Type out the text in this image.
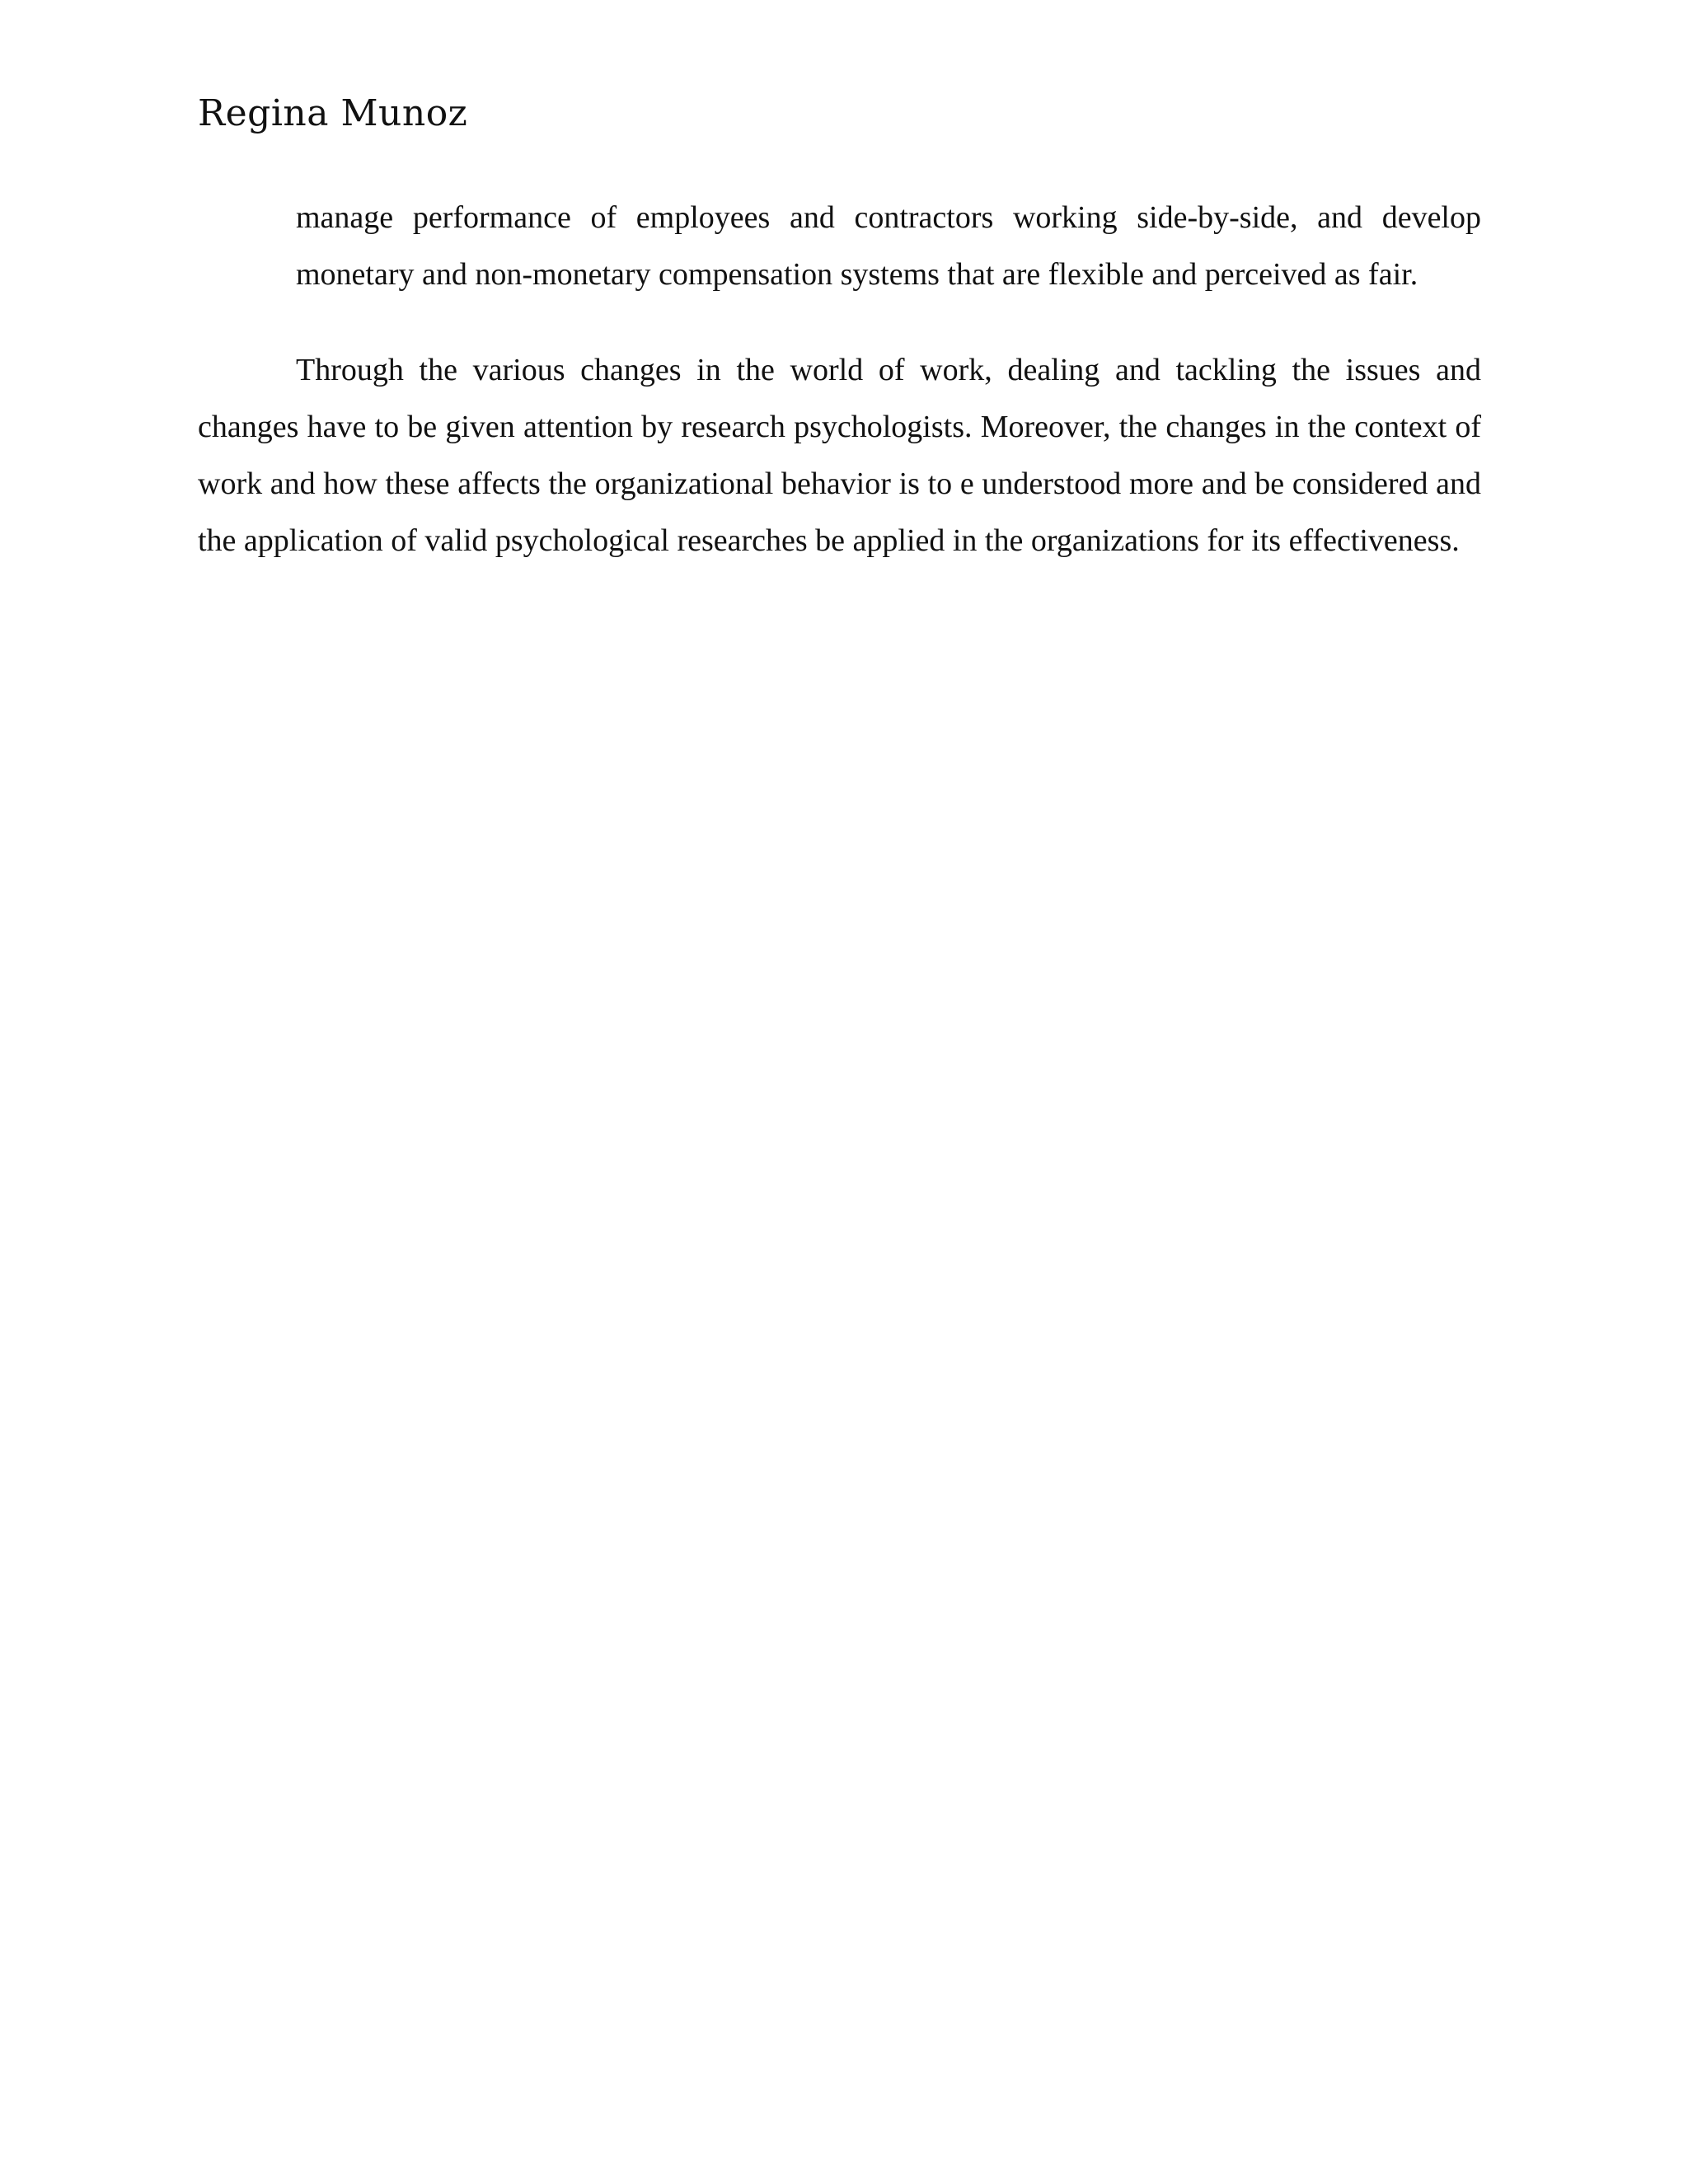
Regina Munoz

manage performance of employees and contractors working side-by-side, and develop monetary and non-monetary compensation systems that are flexible and perceived as fair.

Through the various changes in the world of work, dealing and tackling the issues and changes have to be given attention by research psychologists. Moreover, the changes in the context of work and how these affects the organizational behavior is to e understood more and be considered and the application of valid psychological researches be applied in the organizations for its effectiveness.
